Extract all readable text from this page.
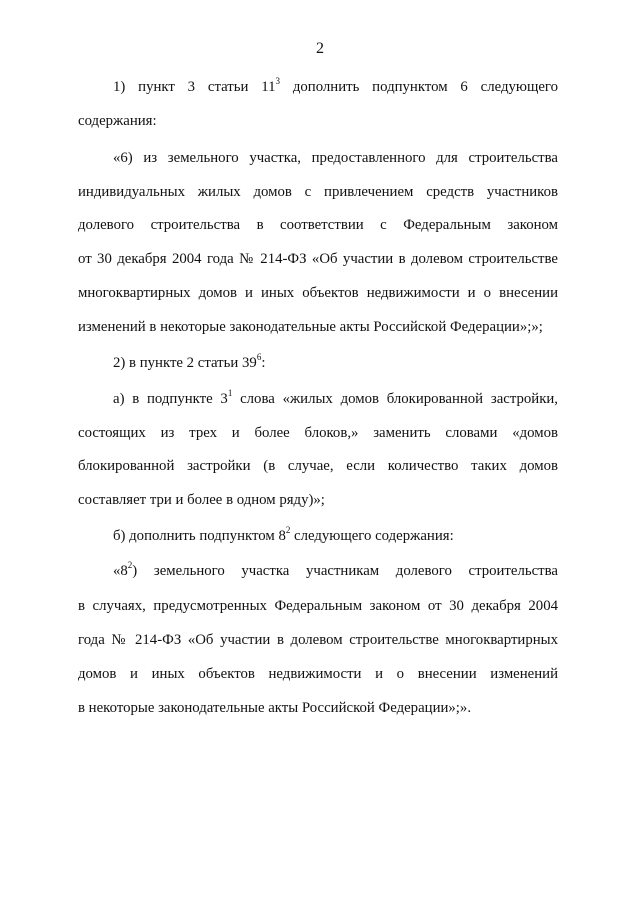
2
1) пункт 3 статьи $11^3$ дополнить подпунктом 6 следующего
содержания:
«6) из земельного участка, предоставленного для строительства
индивидуальных жилых домов с привлечением средств участников
долевого строительства в соответствии с Федеральным законом
от 30 декабря 2004 года № 214-ФЗ «Об участии в долевом строительстве
многоквартирных домов и иных объектов недвижимости и о внесении
изменений в некоторые законодательные акты Российской Федерации»;»;
2) в пункте 2 статьи $39^6$:
а) в подпункте $3^1$ слова «жилых домов блокированной застройки,
состоящих из трех и более блоков,» заменить словами «домов
блокированной застройки (в случае, если количество таких домов
составляет три и более в одном ряду)»;
б) дополнить подпунктом $8^2$ следующего содержания:
«$8^2$) земельного участка участникам долевого строительства
в случаях, предусмотренных Федеральным законом от 30 декабря 2004
года № 214-ФЗ «Об участии в долевом строительстве многоквартирных
домов и иных объектов недвижимости и о внесении изменений
в некоторые законодательные акты Российской Федерации»;».
